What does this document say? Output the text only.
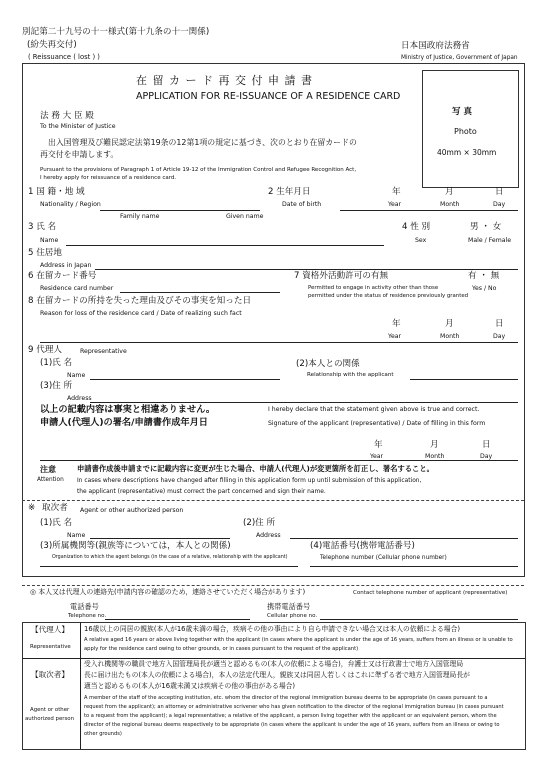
別記第二十九号の十一様式(第十九条の十一関係)
(紛失再交付)
( Reissuance ( lost ) )
日本国政府法務省
Ministry of Justice, Government of Japan
在 留 カ ー ド 再 交 付 申 請 書
APPLICATION FOR RE-ISSUANCE OF A RESIDENCE CARD
写 真
Photo
40mm × 30mm
法 務 大 臣 殿
To the Minister of Justice
出入国管理及び難民認定法第19条の12第1項の規定に基づき、次のとおり在留カードの
再交付を申請します。
Pursuant to the provisions of Paragraph 1 of Article 19-12 of the Immigration Control and Refugee Recognition Act,
I hereby apply for reissuance of a residence card.
1 国 籍・地 域
Nationality / Region
2 生年月日
Date of birth
年	月	日
Year	Month	Day
Family name	Given name
3 氏 名
Name
4 性 別
Sex
男 ・ 女
Male / Female
5 住居地
Address in Japan
6 在留カード番号
Residence card number
7 資格外活動許可の有無
Permitted to engage in activity other than those
permitted under the status of residence previously granted
有 ・ 無
Yes / No
8 在留カードの所持を失った理由及びその事実を知った日
Reason for loss of the residence card / Date of realizing such fact
年	月	日
Year	Month	Day
9 代理人	Representative
(1)氏 名
Name
(2)本人との関係
Relationship with the applicant
(3)住 所
Address
以上の記載内容は事実と相違ありません。
申請人(代理人)の署名/申請書作成年月日
I hereby declare that the statement given above is true and correct.
Signature of the applicant (representative) / Date of filling in this form
年	月	日
Year	Month	Day
注意
Attention
申請書作成後申請までに記載内容に変更が生じた場合、申請人(代理人)が変更箇所を訂正し、署名すること。
In cases where descriptions have changed after filling in this application form up until submission of this application,
the applicant (representative) must correct the part concerned and sign their name.
※ 取次者 Agent or other authorized person
(1)氏 名
Name
(2)住 所
Address
(3)所属機関等(親族等については，本人との関係)
Organization to which the agent belongs (in the case of a relative, relationship with the applicant)
(4)電話番号(携帯電話番号)
Telephone number (Cellular phone number)
◎ 本人又は代理人の連絡先(申請内容の確認のため，連絡させていただく場合があります)	Contact telephone number of applicant (representative)
電話番号
Telephone no.
携帯電話番号
Cellular phone no.
【代理人】
Representative
16歳以上の同居の親族(本人が16歳未満の場合，疾病その他の事由により自ら申請できない場合又は本人の依頼による場合)
A relative aged 16 years or above living together with the applicant (in cases where the applicant is under the age of 16 years, suffers from an illness or is unable to
apply for the residence card owing to other grounds, or in cases pursuant to the request of the applicant)
【取次者】
Agent or other
authorized person
受入れ機関等の職員で地方入国管理局長が適当と認めるもの(本人の依頼による場合)，弁護士又は行政書士で地方入国管理局
長に届け出たもの(本人の依頼による場合)，本人の法定代理人，親族又は同居人若しくはこれに準ずる者で地方入国管理局長が
適当と認めるもの(本人が16歳未満又は疾病その他の事由がある場合)
A member of the staff of the accepting institution, etc. whom the director of the regional immigration bureau deems to be appropriate (in cases pursuant to a
request from the applicant); an attorney or administrative scrivener who has given notification to the director of the regional immigration bureau (in cases pursuant
to a request from the applicant); a legal representative; a relative of the applicant, a person living together with the applicant or an equivalent person, whom the
director of the regional bureau deems respectively to be appropriate (in cases where the applicant is under the age of 16 years, suffers from an illness or owing to
other grounds)
